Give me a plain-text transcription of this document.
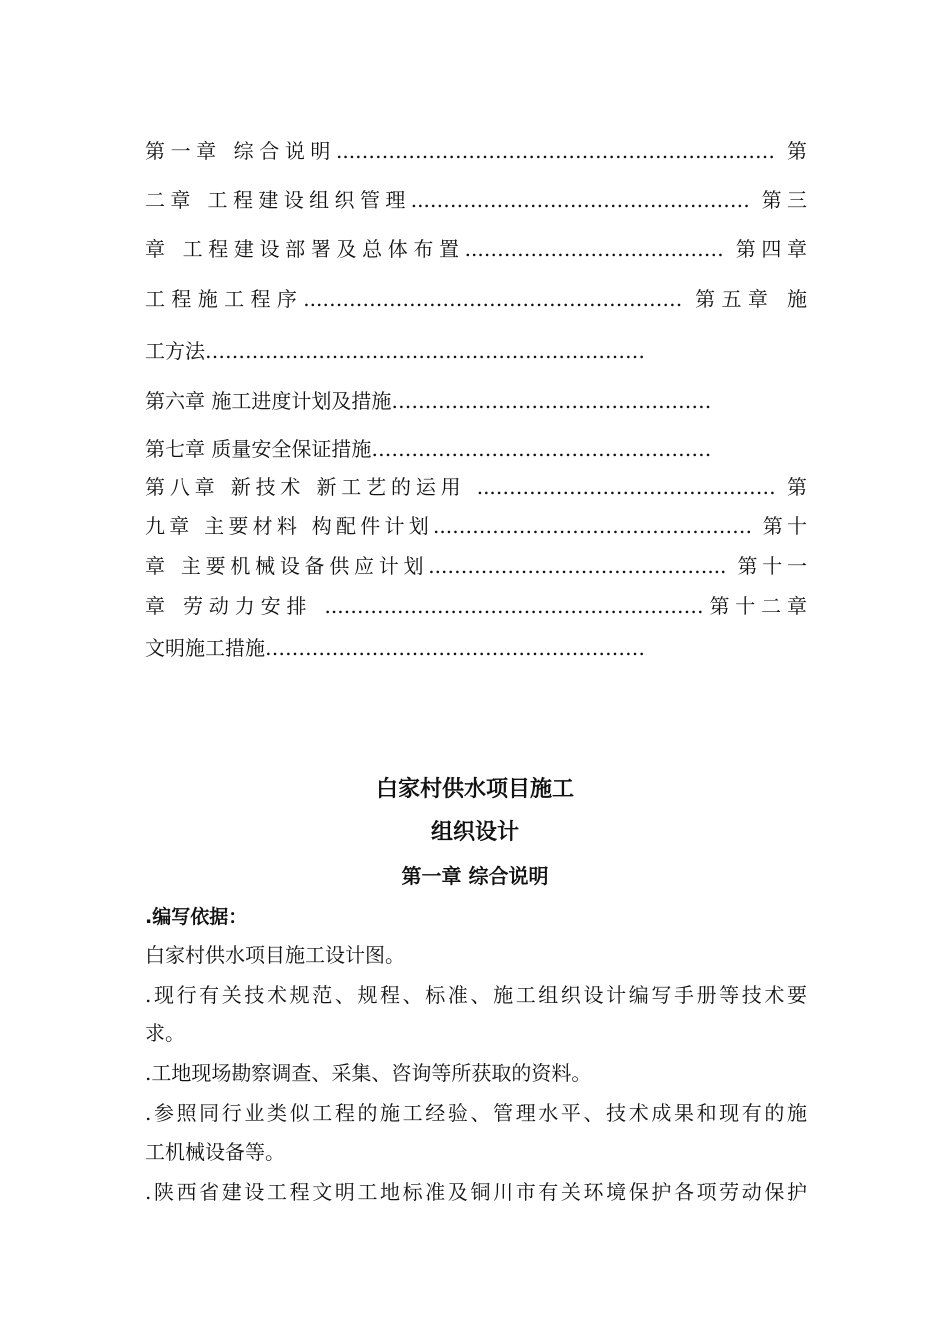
第一章 综合说明...……………………………………………………… 第
二章 工程建设组织管理...………………………………………… 第三
章 工程建设部署及总体布置...……………………………… 第四章
工程施工程序...……………………………………………… 第五章 施
工方法…………………………………………………………
第六章 施工进度计划及措施…………………………………………
第七章 质量安全保证措施……………………………………………
第八章 新技术 新工艺的运用 ...…………………………………… 第
九章 主要材料 构配件计划...……………………………………… 第十
章 主要机械设备供应计划...…………………………………... 第十一
章 劳动力安排 ...………………………………………………第十二章
文明施工措施…………………………………………………
白家村供水项目施工
组织设计
第一章 综合说明
.编写依据：
白家村供水项目施工设计图。
.现行有关技术规范、规程、标准、施工组织设计编写手册等技术要
求。
.工地现场勘察调查、采集、咨询等所获取的资料。
.参照同行业类似工程的施工经验、管理水平、技术成果和现有的施
工机械设备等。
.陕西省建设工程文明工地标准及铜川市有关环境保护各项劳动保护
